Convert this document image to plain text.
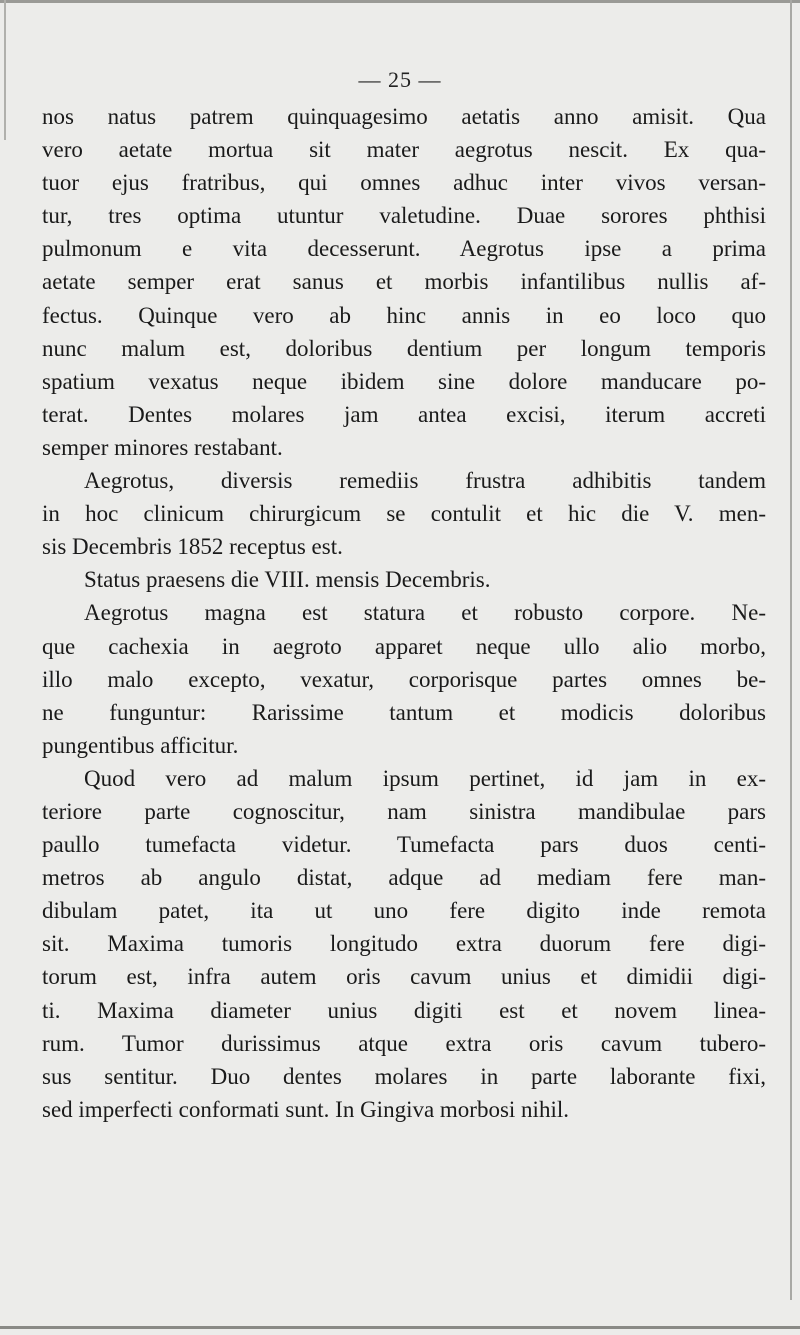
— 25 —
nos natus patrem quinquagesimo aetatis anno amisit. Qua
vero aetate mortua sit mater aegrotus nescit. Ex qua-
tuor ejus fratribus, qui omnes adhuc inter vivos versan-
tur, tres optima utuntur valetudine. Duae sorores phthisi
pulmonum e vita decesserunt. Aegrotus ipse a prima
aetate semper erat sanus et morbis infantilibus nullis af-
fectus. Quinque vero ab hinc annis in eo loco quo
nunc malum est, doloribus dentium per longum temporis
spatium vexatus neque ibidem sine dolore manducare po-
terat. Dentes molares jam antea excisi, iterum accreti
semper minores restabant.
Aegrotus, diversis remediis frustra adhibitis tandem
in hoc clinicum chirurgicum se contulit et hic die V. men-
sis Decembris 1852 receptus est.
Status praesens die VIII. mensis Decembris.
Aegrotus magna est statura et robusto corpore. Ne-
que cachexia in aegroto apparet neque ullo alio morbo,
illo malo excepto, vexatur, corporisque partes omnes be-
ne funguntur: Rarissime tantum et modicis doloribus
pungentibus afficitur.
Quod vero ad malum ipsum pertinet, id jam in ex-
teriore parte cognoscitur, nam sinistra mandibulae pars
paullo tumefacta videtur. Tumefacta pars duos centi-
metros ab angulo distat, adque ad mediam fere man-
dibulam patet, ita ut uno fere digito inde remota
sit. Maxima tumoris longitudo extra duorum fere digi-
torum est, infra autem oris cavum unius et dimidii digi-
ti. Maxima diameter unius digiti est et novem linea-
rum. Tumor durissimus atque extra oris cavum tubero-
sus sentitur. Duo dentes molares in parte laborante fixi,
sed imperfecti conformati sunt. In Gingiva morbosi nihil.
